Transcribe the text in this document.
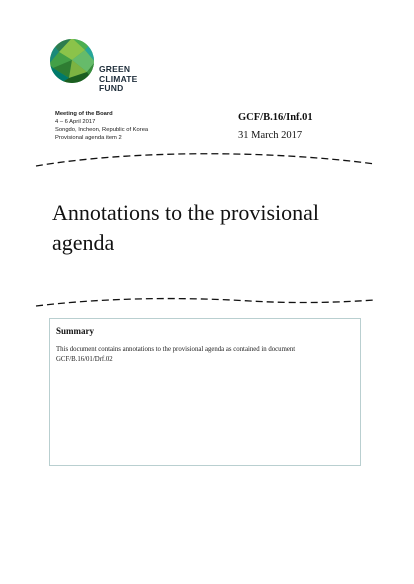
GREEN
CLIMATE
FUND
Meeting of the Board
4 – 6 April 2017
Songdo, Incheon, Republic of Korea
Provisional agenda item 2
GCF/B.16/Inf.01
31 March 2017
Annotations to the provisional agenda
Summary
This document contains annotations to the provisional agenda as contained in document GCF/B.16/01/Drf.02
